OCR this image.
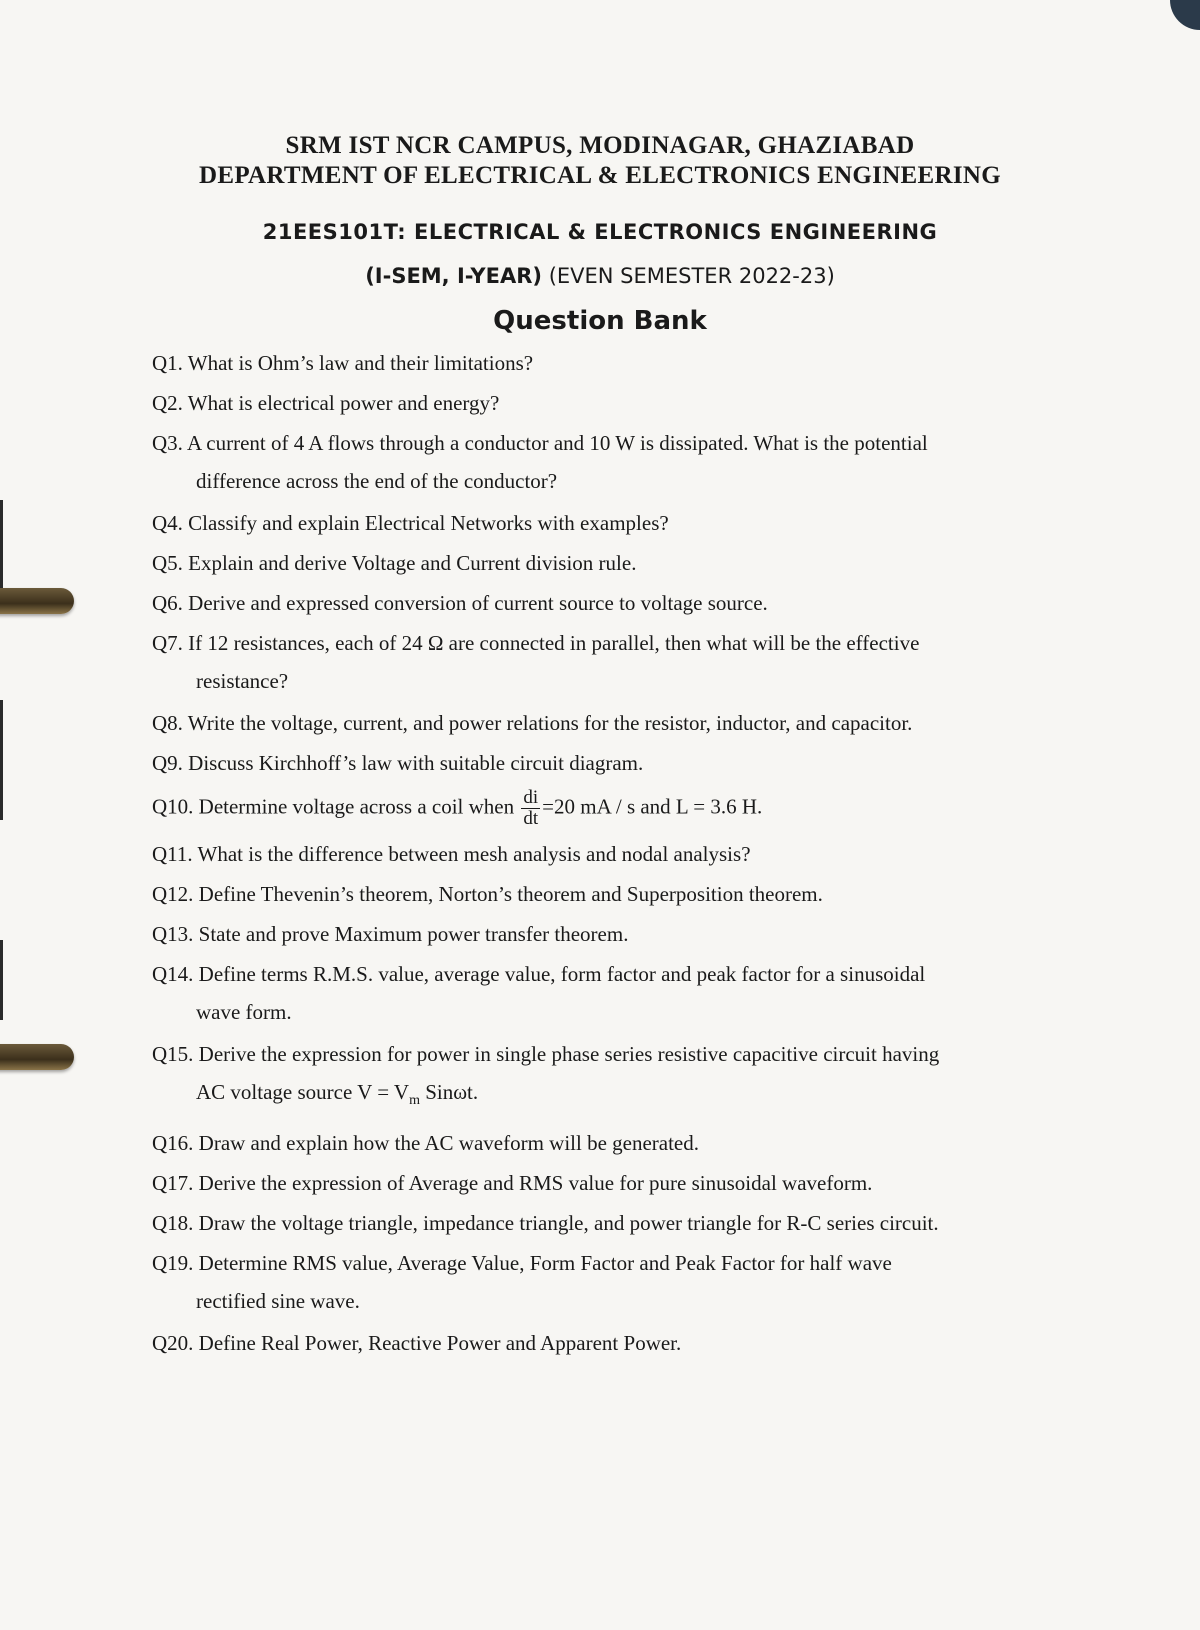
SRM IST NCR CAMPUS, MODINAGAR, GHAZIABAD
DEPARTMENT OF ELECTRICAL & ELECTRONICS ENGINEERING
21EES101T: ELECTRICAL & ELECTRONICS ENGINEERING
(I-SEM, I-YEAR) (EVEN SEMESTER 2022-23)
Question Bank
Q1. What is Ohm’s law and their limitations?
Q2. What is electrical power and energy?
Q3. A current of 4 A flows through a conductor and 10 W is dissipated. What is the potential
difference across the end of the conductor?
Q4. Classify and explain Electrical Networks with examples?
Q5. Explain and derive Voltage and Current division rule.
Q6. Derive and expressed conversion of current source to voltage source.
Q7. If 12 resistances, each of 24 Ω are connected in parallel, then what will be the effective
resistance?
Q8. Write the voltage, current, and power relations for the resistor, inductor, and capacitor.
Q9. Discuss Kirchhoff’s law with suitable circuit diagram.
Q10. Determine voltage across a coil when $\frac{di}{dt} =20$ mA / s and L = 3.6 H.
Q11. What is the difference between mesh analysis and nodal analysis?
Q12. Define Thevenin’s theorem, Norton’s theorem and Superposition theorem.
Q13. State and prove Maximum power transfer theorem.
Q14. Define terms R.M.S. value, average value, form factor and peak factor for a sinusoidal
wave form.
Q15. Derive the expression for power in single phase series resistive capacitive circuit having
AC voltage source $V = V_m$ Sinωt.
Q16. Draw and explain how the AC waveform will be generated.
Q17. Derive the expression of Average and RMS value for pure sinusoidal waveform.
Q18. Draw the voltage triangle, impedance triangle, and power triangle for R-C series circuit.
Q19. Determine RMS value, Average Value, Form Factor and Peak Factor for half wave
rectified sine wave.
Q20. Define Real Power, Reactive Power and Apparent Power.
